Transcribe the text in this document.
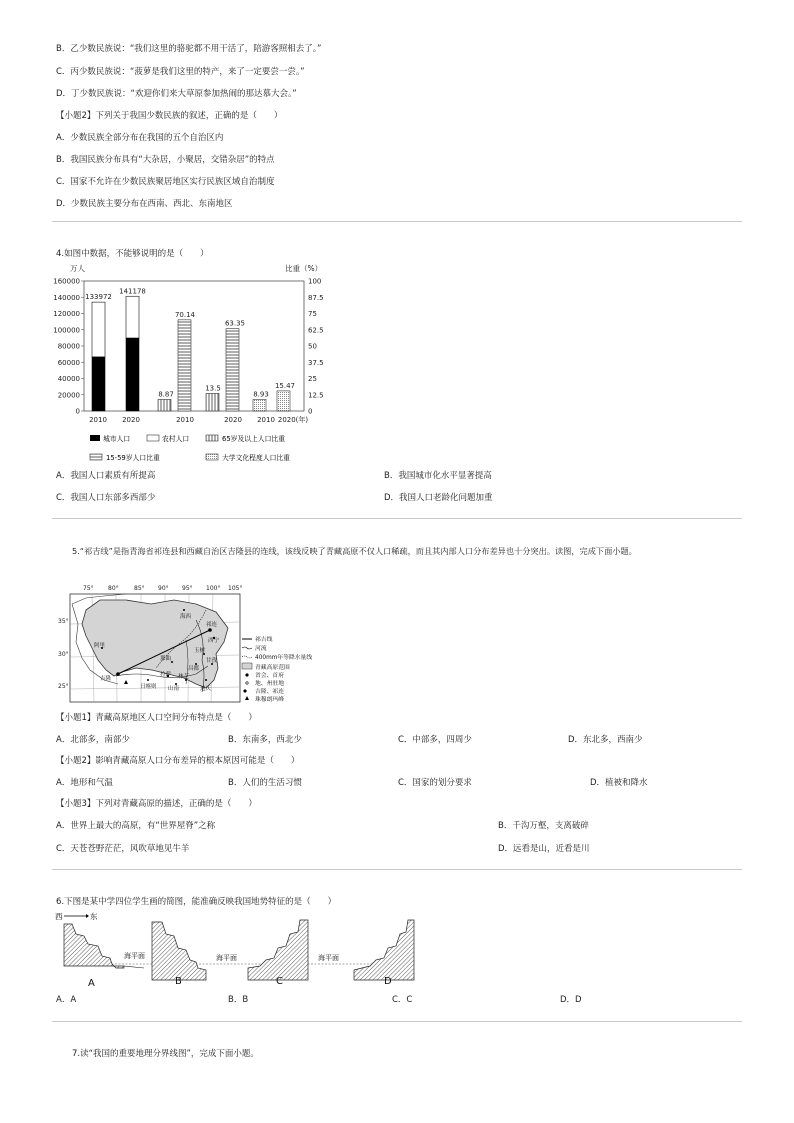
B．乙少数民族说：“我们这里的骆驼都不用干活了，陪游客照相去了。”
C．丙少数民族说：“菠萝是我们这里的特产，来了一定要尝一尝。”
D．丁少数民族说：“欢迎你们来大草原参加热闹的那达慕大会。”
【小题2】下列关于我国少数民族的叙述，正确的是（　　）
A．少数民族全部分布在我国的五个自治区内
B．我国民族分布具有“大杂居，小聚居，交错杂居”的特点
C．国家不允许在少数民族聚居地区实行民族区域自治制度
D．少数民族主要分布在西南、西北、东南地区
4.如图中数据，不能够说明的是（　　）
万人	比重（%）
160000
140000
120000
100000
80000
60000
40000
20000
0
100
87.5
75
62.5
50
37.5
25
12.5
0
133972
141178
8.87
70.14
13.5
63.35
8.93
15.47
2010 2020	2010	2020 2010 2020(年)
城市人口	农村人口	65岁及以上人口比重
15-59岁人口比重	大学文化程度人口比重
A．我国人口素质有所提高	B．我国城市化水平显著提高
C．我国人口东部多西部少	D．我国人口老龄化问题加重
5.“祁吉线”是指青海省祁连县和西藏自治区吉隆县的连线，该线反映了青藏高原不仅人口稀疏，而且其内部人口分布差异也十分突出。读图，完成下面小题。
75° 80°	85° 90° 95° 100° 105°
35°
30°
25°
海西
祁连
西宁
阿里
那曲
昌都
拉萨
日喀则
林芝
玉树
甘孜
吉隆
山南	迪庆
祁吉线
河流
400mm年等降水量线
青藏高原范围
省会、首府
地、州驻地
吉隆、祁连
珠穆朗玛峰
【小题1】青藏高原地区人口空间分布特点是（　　）
A．北部多，南部少	B．东南多，西北少	C．中部多，四周少	D．东北多，西南少
【小题2】影响青藏高原人口分布差异的根本原因可能是（　　）
A．地形和气温	B．人们的生活习惯	C．国家的划分要求	D．植被和降水
【小题3】下列对青藏高原的描述，正确的是（　　）
A．世界上最大的高原，有“世界屋脊”之称	B．千沟万壑，支离破碎
C．天苍苍野茫茫，风吹草地见牛羊	D．远看是山，近看是川
6.下图是某中学四位学生画的简图，能准确反映我国地势特征的是（　　）
西	东
海平面	海平面	海平面
A	B	C	D
A．A	B．B	C．C	D．D
7.读“我国的重要地理分界线图”，完成下面小题。
